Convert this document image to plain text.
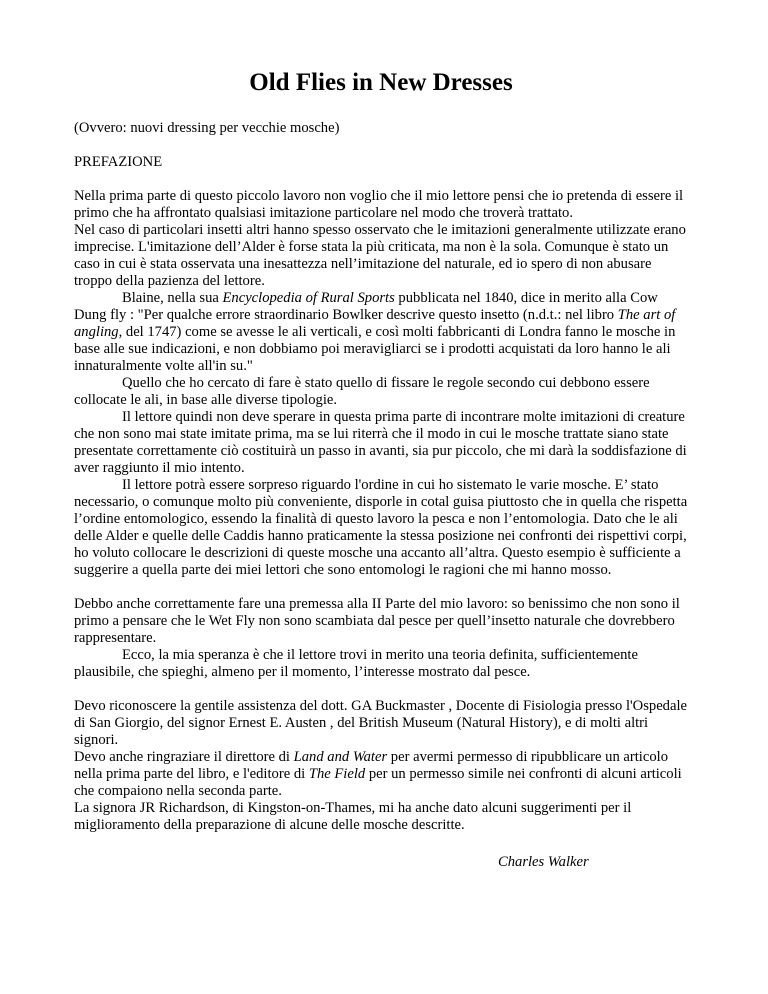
Old Flies in New Dresses

(Ovvero: nuovi dressing per vecchie mosche)

PREFAZIONE

Nella prima parte di questo piccolo lavoro non voglio che il mio lettore pensi che io pretenda di essere il primo che ha affrontato qualsiasi imitazione particolare nel modo che troverà trattato.

Nel caso di particolari insetti altri hanno spesso osservato che le imitazioni generalmente utilizzate erano imprecise. L'imitazione dell’Alder è forse stata la più criticata, ma non è la sola. Comunque è stato un caso in cui è stata osservata una inesattezza nell’imitazione del naturale, ed io spero di non abusare troppo della pazienza del lettore.

Blaine, nella sua Encyclopedia of Rural Sports pubblicata nel 1840, dice in merito alla Cow Dung fly : "Per qualche errore straordinario Bowlker descrive questo insetto (n.d.t.: nel libro The art of angling, del 1747) come se avesse le ali verticali, e così molti fabbricanti di Londra fanno le mosche in base alle sue indicazioni, e non dobbiamo poi meravigliarci se i prodotti acquistati da loro hanno le ali innaturalmente volte all'in su."

Quello che ho cercato di fare è stato quello di fissare le regole secondo cui debbono essere collocate le ali, in base alle diverse tipologie.

Il lettore quindi non deve sperare in questa prima parte di incontrare molte imitazioni di creature che non sono mai state imitate prima, ma se lui riterrà che il modo in cui le mosche trattate siano state presentate correttamente ciò costituirà un passo in avanti, sia pur piccolo, che mi darà la soddisfazione di aver raggiunto il mio intento.

Il lettore potrà essere sorpreso riguardo l'ordine in cui ho sistemato le varie mosche. E’ stato necessario, o comunque molto più conveniente, disporle in cotal guisa piuttosto che in quella che rispetta l’ordine entomologico, essendo la finalità di questo lavoro la pesca e non l’entomologia. Dato che le ali delle Alder e quelle delle Caddis hanno praticamente la stessa posizione nei confronti dei rispettivi corpi, ho voluto collocare le descrizioni di queste mosche una accanto all’altra. Questo esempio è sufficiente a suggerire a quella parte dei miei lettori che sono entomologi le ragioni che mi hanno mosso.

Debbo anche correttamente fare una premessa alla II Parte del mio lavoro: so benissimo che non sono il primo a pensare che le Wet Fly non sono scambiata dal pesce per quell’insetto naturale che dovrebbero rappresentare.

Ecco, la mia speranza è che il lettore trovi in merito una teoria definita, sufficientemente plausibile, che spieghi, almeno per il momento, l’interesse mostrato dal pesce.

Devo riconoscere la gentile assistenza del dott. GA Buckmaster , Docente di Fisiologia presso l'Ospedale di San Giorgio, del signor Ernest E. Austen , del British Museum (Natural History), e di molti altri signori.

Devo anche ringraziare il direttore di Land and Water per avermi permesso di ripubblicare un articolo nella prima parte del libro, e l'editore di The Field per un permesso simile nei confronti di alcuni articoli che compaiono nella seconda parte.

La signora JR Richardson, di Kingston-on-Thames, mi ha anche dato alcuni suggerimenti per il miglioramento della preparazione di alcune delle mosche descritte.

Charles Walker
